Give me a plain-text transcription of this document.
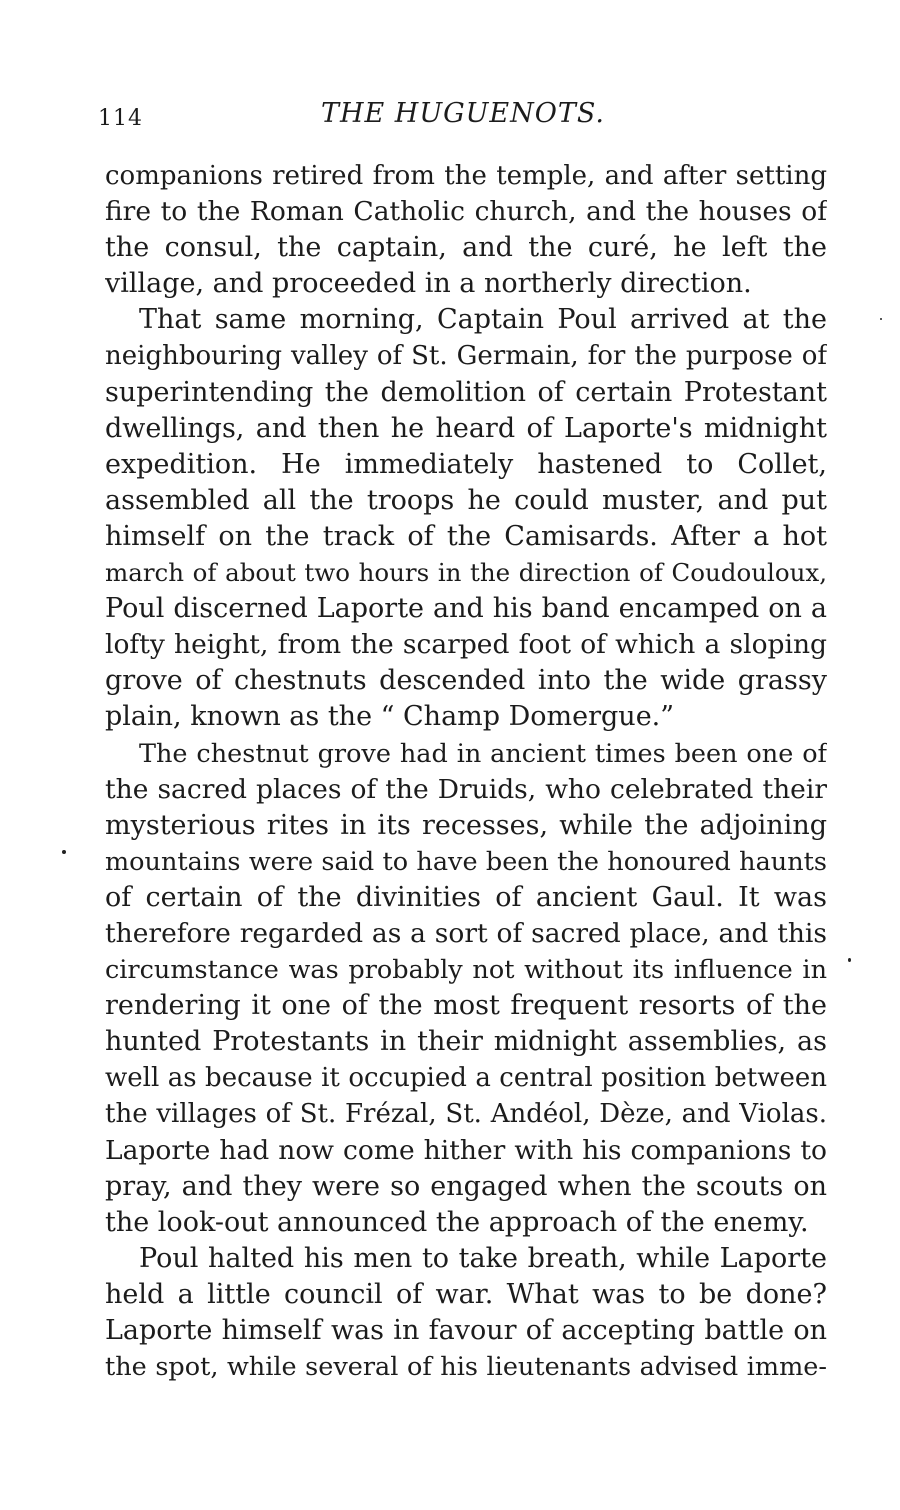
114	THE HUGUENOTS.
companions retired from the temple, and after setting
fire to the Roman Catholic church, and the houses of
the consul, the captain, and the curé, he left the
village, and proceeded in a northerly direction.
That same morning, Captain Poul arrived at the
neighbouring valley of St. Germain, for the purpose of
superintending the demolition of certain Protestant
dwellings, and then he heard of Laporte's midnight
expedition. He immediately hastened to Collet,
assembled all the troops he could muster, and put
himself on the track of the Camisards. After a hot
march of about two hours in the direction of Coudouloux,
Poul discerned Laporte and his band encamped on a
lofty height, from the scarped foot of which a sloping
grove of chestnuts descended into the wide grassy
plain, known as the “ Champ Domergue.”
The chestnut grove had in ancient times been one of
the sacred places of the Druids, who celebrated their
mysterious rites in its recesses, while the adjoining
mountains were said to have been the honoured haunts
of certain of the divinities of ancient Gaul. It was
therefore regarded as a sort of sacred place, and this
circumstance was probably not without its influence in
rendering it one of the most frequent resorts of the
hunted Protestants in their midnight assemblies, as
well as because it occupied a central position between
the villages of St. Frézal, St. Andéol, Dèze, and Violas.
Laporte had now come hither with his companions to
pray, and they were so engaged when the scouts on
the look-out announced the approach of the enemy.
Poul halted his men to take breath, while Laporte
held a little council of war. What was to be done?
Laporte himself was in favour of accepting battle on
the spot, while several of his lieutenants advised imme-
